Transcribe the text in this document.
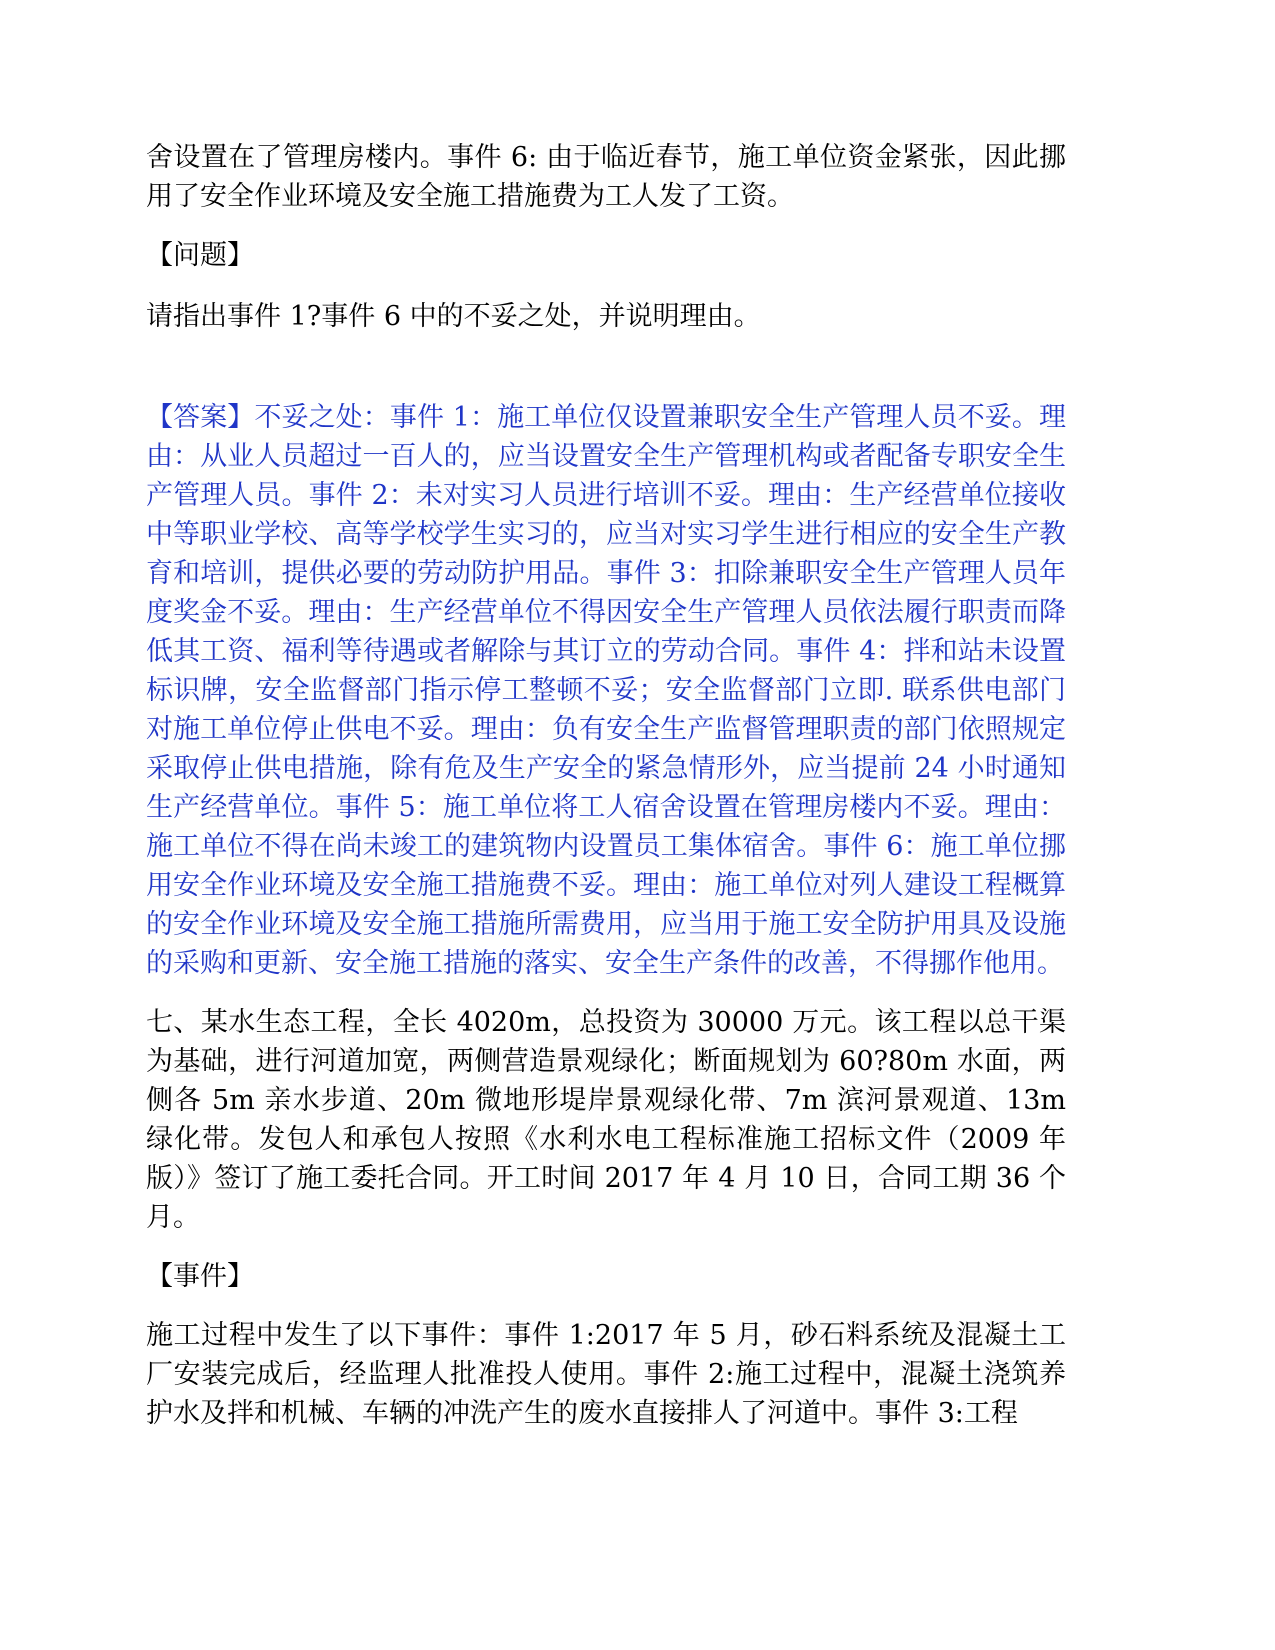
舍设置在了管理房楼内。事件 6: 由于临近春节，施工单位资金紧张，因此挪用了安全作业环境及安全施工措施费为工人发了工资。

【问题】

请指出事件 1?事件 6 中的不妥之处，并说明理由。

【答案】不妥之处：事件 1：施工单位仅设置兼职安全生产管理人员不妥。理由：从业人员超过一百人的，应当设置安全生产管理机构或者配备专职安全生产管理人员。事件 2：未对实习人员进行培训不妥。理由：生产经营单位接收中等职业学校、高等学校学生实习的，应当对实习学生进行相应的安全生产教育和培训，提供必要的劳动防护用品。事件 3：扣除兼职安全生产管理人员年度奖金不妥。理由：生产经营单位不得因安全生产管理人员依法履行职责而降低其工资、福利等待遇或者解除与其订立的劳动合同。事件 4：拌和站未设置标识牌，安全监督部门指示停工整顿不妥；安全监督部门立即. 联系供电部门对施工单位停止供电不妥。理由：负有安全生产监督管理职责的部门依照规定采取停止供电措施，除有危及生产安全的紧急情形外，应当提前 24 小时通知生产经营单位。事件 5：施工单位将工人宿舍设置在管理房楼内不妥。理由：施工单位不得在尚未竣工的建筑物内设置员工集体宿舍。事件 6：施工单位挪用安全作业环境及安全施工措施费不妥。理由：施工单位对列人建设工程概算的安全作业环境及安全施工措施所需费用，应当用于施工安全防护用具及设施的采购和更新、安全施工措施的落实、安全生产条件的改善，不得挪作他用。

七、某水生态工程，全长 4020m，总投资为 30000 万元。该工程以总干渠为基础，进行河道加宽，两侧营造景观绿化；断面规划为 60?80m 水面，两侧各 5m 亲水步道、20m 微地形堤岸景观绿化带、7m 滨河景观道、13m 绿化带。发包人和承包人按照《水利水电工程标准施工招标文件（2009 年版）》签订了施工委托合同。开工时间 2017 年 4 月 10 日，合同工期 36 个月。

【事件】

施工过程中发生了以下事件：事件 1:2017 年 5 月，砂石料系统及混凝土工厂安装完成后，经监理人批准投人使用。事件 2:施工过程中，混凝土浇筑养护水及拌和机械、车辆的冲洗产生的废水直接排人了河道中。事件 3:工程
